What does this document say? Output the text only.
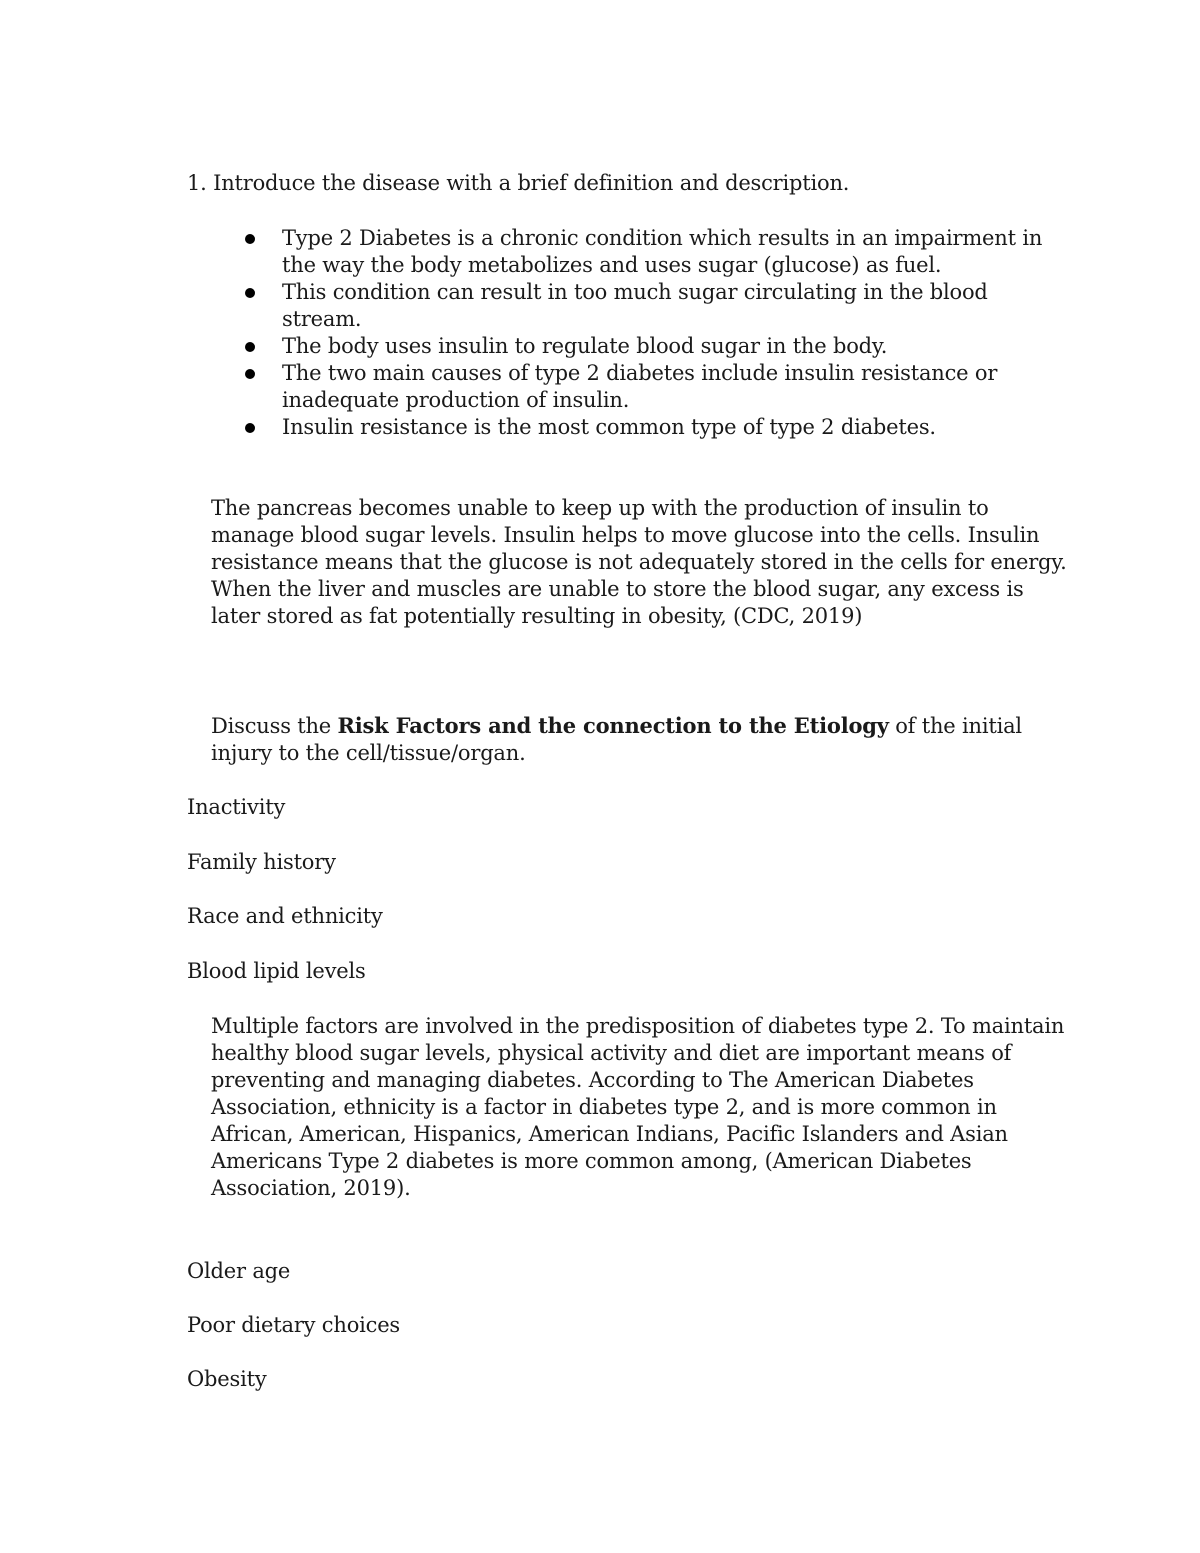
1. Introduce the disease with a brief definition and description.
Type 2 Diabetes is a chronic condition which results in an impairment in the way the body metabolizes and uses sugar (glucose) as fuel.
This condition can result in too much sugar circulating in the blood stream.
The body uses insulin to regulate blood sugar in the body.
The two main causes of type 2 diabetes include insulin resistance or inadequate production of insulin.
Insulin resistance is the most common type of type 2 diabetes.
The pancreas becomes unable to keep up with the production of insulin to manage blood sugar levels. Insulin helps to move glucose into the cells. Insulin resistance means that the glucose is not adequately stored in the cells for energy. When the liver and muscles are unable to store the blood sugar, any excess is later stored as fat potentially resulting in obesity, (CDC, 2019)
Discuss the Risk Factors and the connection to the Etiology of the initial injury to the cell/tissue/organ.
Inactivity
Family history
Race and ethnicity
Blood lipid levels
Multiple factors are involved in the predisposition of diabetes type 2. To maintain healthy blood sugar levels, physical activity and diet are important means of preventing and managing diabetes. According to The American Diabetes Association, ethnicity is a factor in diabetes type 2, and is more common in African, American, Hispanics, American Indians, Pacific Islanders and Asian Americans Type 2 diabetes is more common among, (American Diabetes Association, 2019).
Older age
Poor dietary choices
Obesity
